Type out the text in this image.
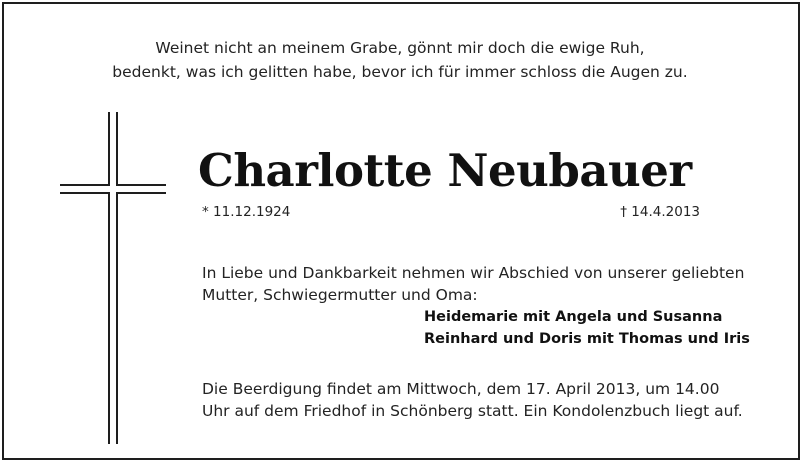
Weinet nicht an meinem Grabe, gönnt mir doch die ewige Ruh,
bedenkt, was ich gelitten habe, bevor ich für immer schloss die Augen zu.
Charlotte Neubauer
* 11.12.1924	† 14.4.2013
In Liebe und Dankbarkeit nehmen wir Abschied von unserer geliebten
Mutter, Schwiegermutter und Oma:
Heidemarie mit Angela und Susanna
Reinhard und Doris mit Thomas und Iris
Die Beerdigung findet am Mittwoch, dem 17. April 2013, um 14.00
Uhr auf dem Friedhof in Schönberg statt. Ein Kondolenzbuch liegt auf.
